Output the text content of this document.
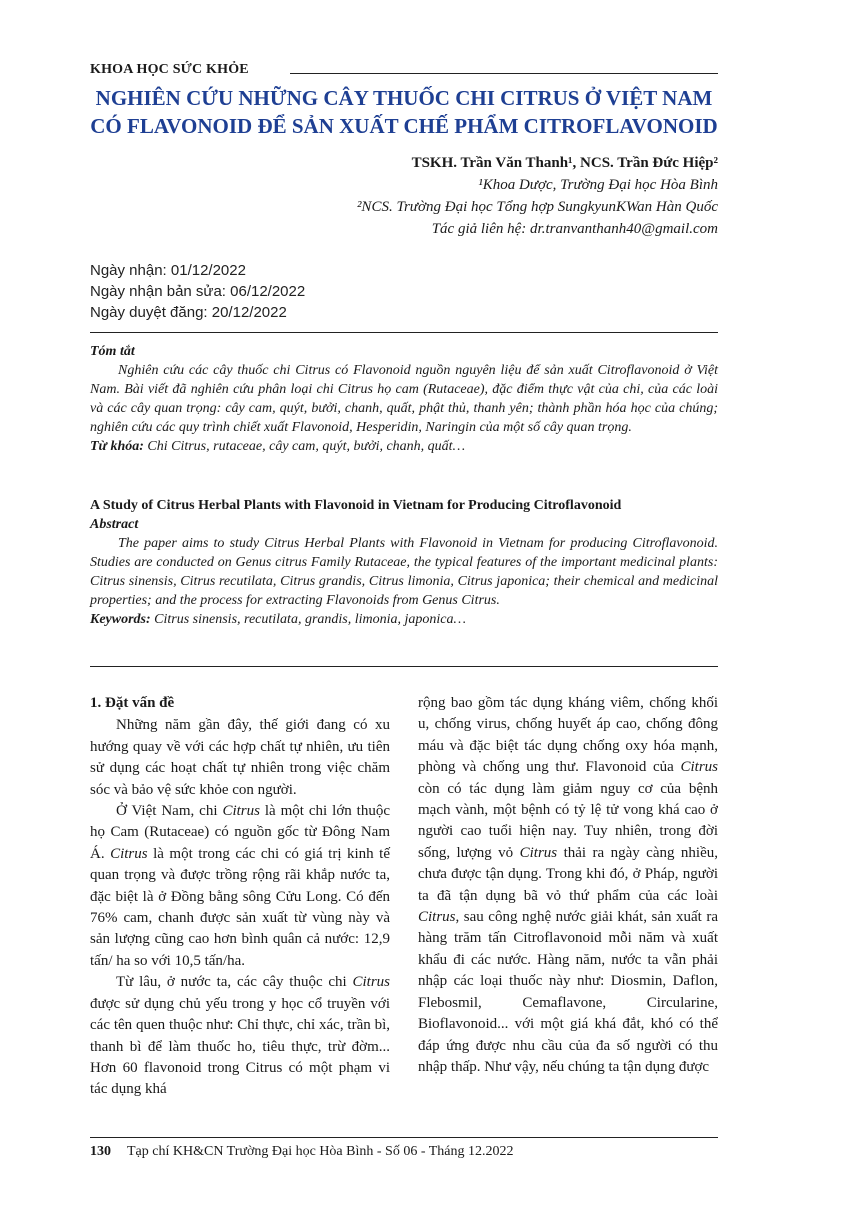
KHOA HỌC SỨC KHỎE
NGHIÊN CỨU NHỮNG CÂY THUỐC CHI CITRUS Ở VIỆT NAM
CÓ FLAVONOID ĐỂ SẢN XUẤT CHẾ PHẨM CITROFLAVONOID
TSKH. Trần Văn Thanh¹, NCS. Trần Đức Hiệp²
¹Khoa Dược, Trường Đại học Hòa Bình
²NCS. Trường Đại học Tổng hợp SungkyunKWan Hàn Quốc
Tác giả liên hệ: dr.tranvanthanh40@gmail.com
Ngày nhận: 01/12/2022
Ngày nhận bản sửa: 06/12/2022
Ngày duyệt đăng: 20/12/2022
Tóm tắt
Nghiên cứu các cây thuốc chi Citrus có Flavonoid nguồn nguyên liệu để sản xuất Citroflavonoid ở Việt Nam. Bài viết đã nghiên cứu phân loại chi Citrus họ cam (Rutaceae), đặc điểm thực vật của chi, của các loài và các cây quan trọng: cây cam, quýt, bưởi, chanh, quất, phật thủ, thanh yên; thành phần hóa học của chúng; nghiên cứu các quy trình chiết xuất Flavonoid, Hesperidin, Naringin của một số cây quan trọng.
Từ khóa: Chi Citrus, rutaceae, cây cam, quýt, bưởi, chanh, quất…
A Study of Citrus Herbal Plants with Flavonoid in Vietnam for Producing Citroflavonoid
Abstract
The paper aims to study Citrus Herbal Plants with Flavonoid in Vietnam for producing Citroflavonoid. Studies are conducted on Genus citrus Family Rutaceae, the typical features of the important medicinal plants: Citrus sinensis, Citrus recutilata, Citrus grandis, Citrus limonia, Citrus japonica; their chemical and medicinal properties; and the process for extracting Flavonoids from Genus Citrus.
Keywords: Citrus sinensis, recutilata, grandis, limonia, japonica…
1. Đặt vấn đề

Những năm gần đây, thế giới đang có xu hướng quay về với các hợp chất tự nhiên, ưu tiên sử dụng các hoạt chất tự nhiên trong việc chăm sóc và bảo vệ sức khỏe con người.

Ở Việt Nam, chi Citrus là một chi lớn thuộc họ Cam (Rutaceae) có nguồn gốc từ Đông Nam Á. Citrus là một trong các chi có giá trị kinh tế quan trọng và được trồng rộng rãi khắp nước ta, đặc biệt là ở Đồng bằng sông Cửu Long. Có đến 76% cam, chanh được sản xuất từ vùng này và sản lượng cũng cao hơn bình quân cả nước: 12,9 tấn/ ha so với 10,5 tấn/ha.

Từ lâu, ở nước ta, các cây thuộc chi Citrus được sử dụng chủ yếu trong y học cổ truyền với các tên quen thuộc như: Chỉ thực, chỉ xác, trần bì, thanh bì để làm thuốc ho, tiêu thực, trừ đờm... Hơn 60 flavonoid trong Citrus có một phạm vi tác dụng khá

rộng bao gồm tác dụng kháng viêm, chống khối u, chống virus, chống huyết áp cao, chống đông máu và đặc biệt tác dụng chống oxy hóa mạnh, phòng và chống ung thư. Flavonoid của Citrus còn có tác dụng làm giảm nguy cơ của bệnh mạch vành, một bệnh có tỷ lệ tử vong khá cao ở người cao tuổi hiện nay. Tuy nhiên, trong đời sống, lượng vỏ Citrus thải ra ngày càng nhiều, chưa được tận dụng. Trong khi đó, ở Pháp, người ta đã tận dụng bã vỏ thứ phẩm của các loài Citrus, sau công nghệ nước giải khát, sản xuất ra hàng trăm tấn Citroflavonoid mỗi năm và xuất khẩu đi các nước. Hàng năm, nước ta vẫn phải nhập các loại thuốc này như: Diosmin, Daflon, Flebosmil, Cemaflavone, Circularine, Bioflavonoid... với một giá khá đắt, khó có thể đáp ứng được nhu cầu của đa số người có thu nhập thấp. Như vậy, nếu chúng ta tận dụng được

130 Tạp chí KH&CN Trường Đại học Hòa Bình - Số 06 - Tháng 12.2022
